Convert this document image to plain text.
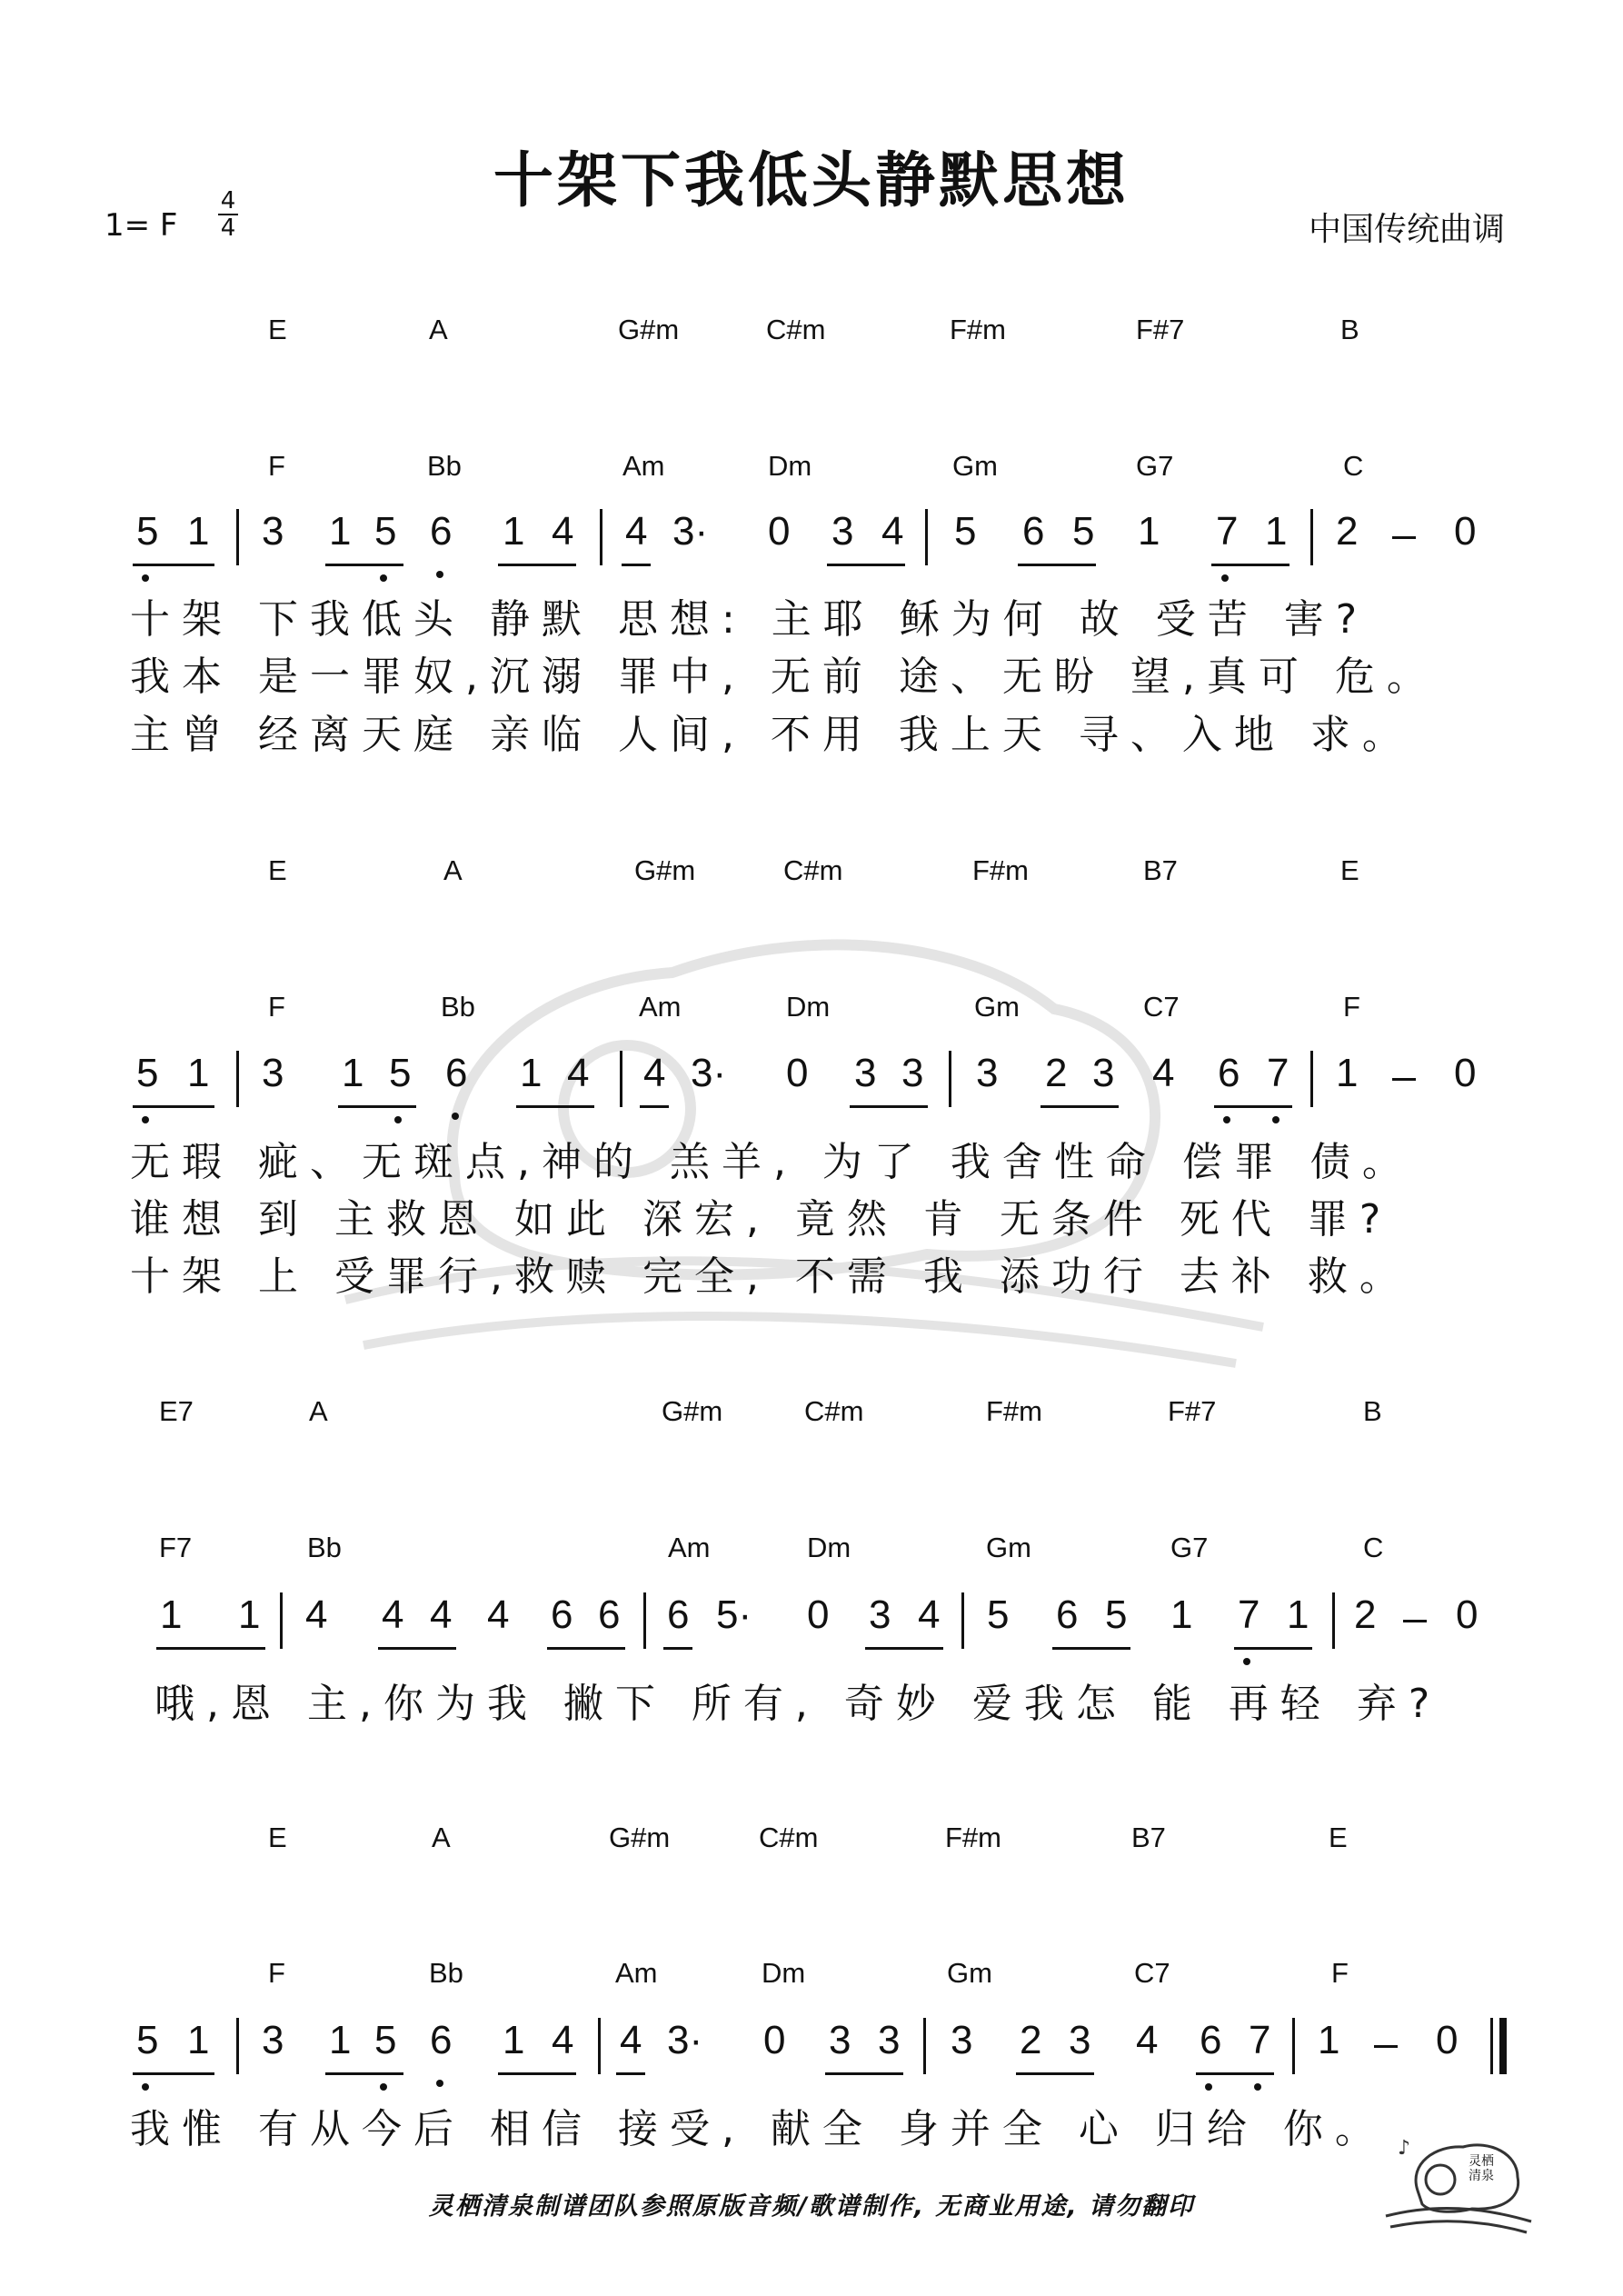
十架下我低头静默思想
1= F
4
4	中国传统曲调
E	A	G#m	C#m	F#m	F#7	B
F	Bb	Am	Dm	Gm	G7	C
5 1 3 1 5 6 1 4 4 3· 0 3 4 5 6 5 1 7 1 2 0
十架 下我低头 静默 思想: 主耶 稣为何 故 受苦 害?
我本 是一罪奴,沉溺 罪中, 无前 途、无盼 望,真可 危。
主曾 经离天庭 亲临 人间, 不用 我上天 寻、入地 求。
E	A	G#m	C#m	F#m	B7	E
F	Bb	Am	Dm	Gm	C7	F
5 1 3 1 5 6 1 4 4 3· 0 3 3 3 2 3 4 6 7 1 0
无瑕 疵、无斑点,神的 羔羊, 为了 我舍性命 偿罪 债。
谁想 到 主救恩 如此 深宏, 竟然 肯 无条件 死代 罪?
十架 上 受罪行,救赎 完全, 不需 我 添功行 去补 救。
E7	A	G#m	C#m	F#m	F#7	B
F7	Bb	Am	Dm	Gm	G7	C
1 1 4 4 4 4 6 6 6 5· 0 3 4 5 6 5 1 7 1 2 0
哦,恩 主,你为我 撇下 所有, 奇妙 爱我怎 能 再轻 弃?
E	A	G#m	C#m	F#m	B7	E
F	Bb	Am	Dm	Gm	C7	F
5 1 3 1 5 6 1 4 4 3· 0 3 3 3 2 3 4 6 7 1 0
我惟 有从今后 相信 接受, 献全 身并全 心 归给 你。
灵栖清泉制谱团队参照原版音频/歌谱制作, 无商业用途, 请勿翻印
♪
灵栖清泉
